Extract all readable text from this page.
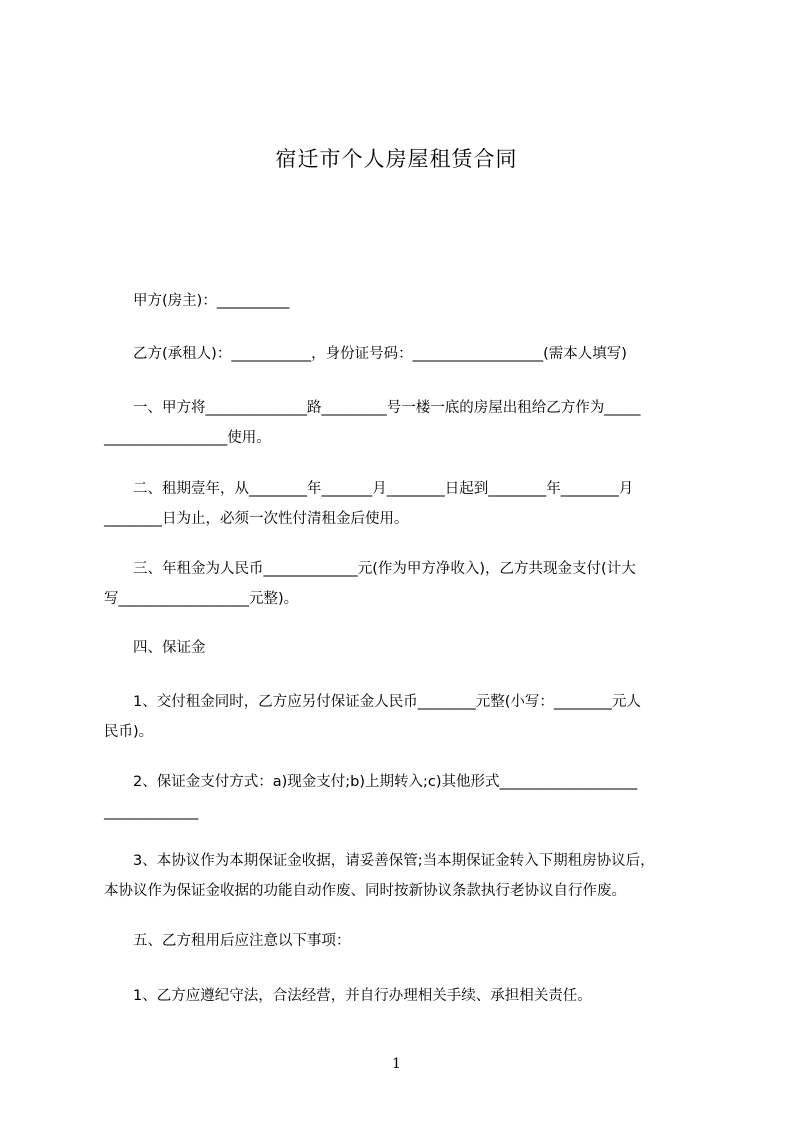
宿迁市个人房屋租赁合同

　　甲方(房主)：__________

　　乙方(承租人)：___________，身份证号码：__________________(需本人填写)

　　一、甲方将______________路_________号一楼一底的房屋出租给乙方作为_____
_________________使用。

　　二、租期壹年，从________年_______月________日起到________年________月
________日为止，必须一次性付清租金后使用。

　　三、年租金为人民币_____________元(作为甲方净收入)，乙方共现金支付(计大
写__________________元整)。

　　四、保证金

　　1、交付租金同时，乙方应另付保证金人民币________元整(小写：________元人
民币)。

　　2、保证金支付方式：a)现金支付;b)上期转入;c)其他形式___________________
_____________

　　3、本协议作为本期保证金收据，请妥善保管;当本期保证金转入下期租房协议后，
本协议作为保证金收据的功能自动作废、同时按新协议条款执行老协议自行作废。

　　五、乙方租用后应注意以下事项：

　　1、乙方应遵纪守法，合法经营，并自行办理相关手续、承担相关责任。

1
